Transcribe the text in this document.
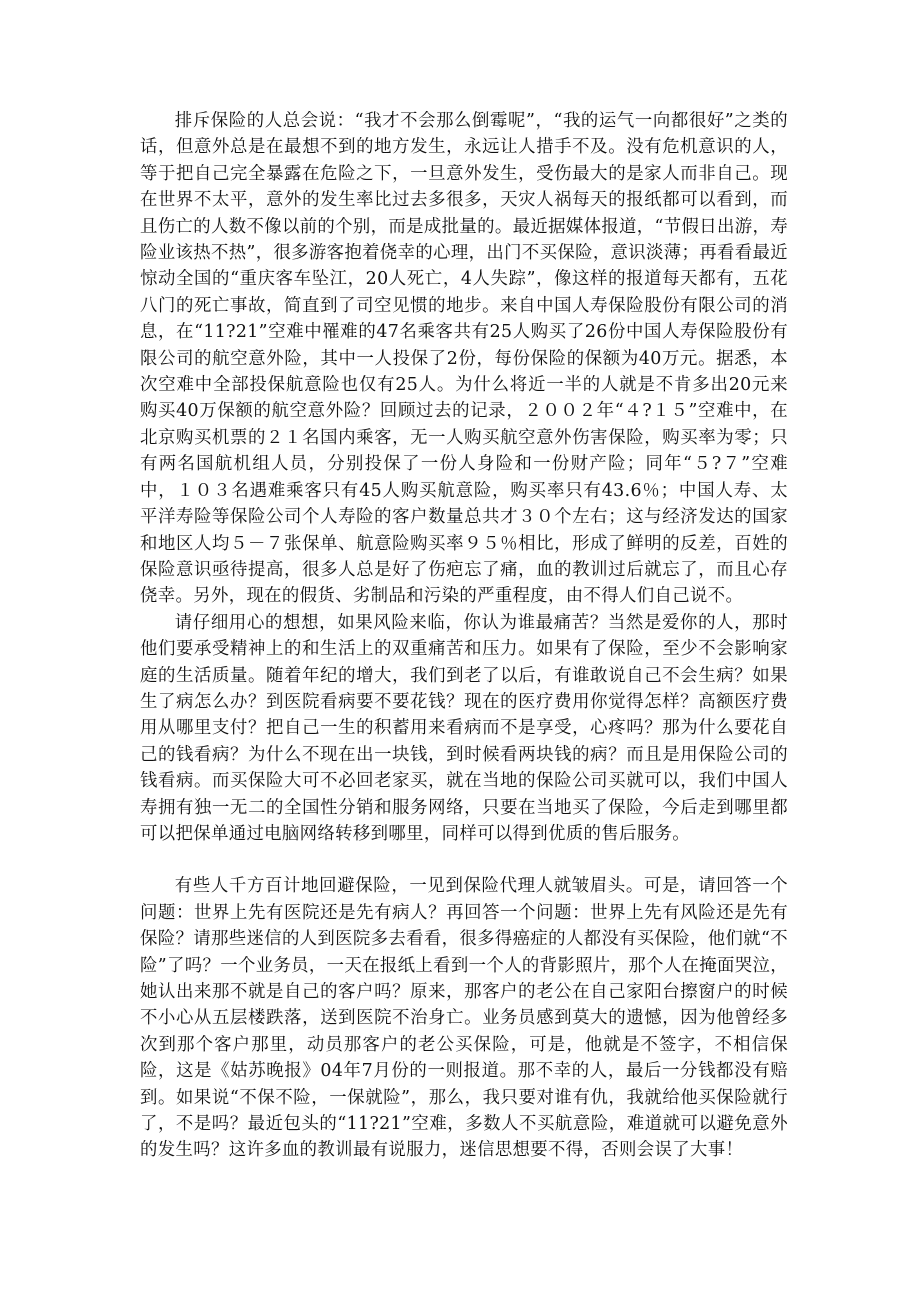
排斥保险的人总会说：“我才不会那么倒霉呢”，“我的运气一向都很好”之类的话，但意外总是在最想不到的地方发生，永远让人措手不及。没有危机意识的人，等于把自己完全暴露在危险之下，一旦意外发生，受伤最大的是家人而非自己。现在世界不太平，意外的发生率比过去多很多，天灾人祸每天的报纸都可以看到，而且伤亡的人数不像以前的个别，而是成批量的。最近据媒体报道，“节假日出游，寿险业该热不热”，很多游客抱着侥幸的心理，出门不买保险，意识淡薄；再看看最近惊动全国的“重庆客车坠江，20人死亡，4人失踪”，像这样的报道每天都有，五花八门的死亡事故，简直到了司空见惯的地步。来自中国人寿保险股份有限公司的消息，在“11?21”空难中罹难的47名乘客共有25人购买了26份中国人寿保险股份有限公司的航空意外险，其中一人投保了2份，每份保险的保额为40万元。据悉，本次空难中全部投保航意险也仅有25人。为什么将近一半的人就是不肯多出20元来购买40万保额的航空意外险？回顾过去的记录，２００２年“４?１５”空难中，在北京购买机票的２１名国内乘客，无一人购买航空意外伤害保险，购买率为零；只有两名国航机组人员，分别投保了一份人身险和一份财产险；同年“５?７”空难中，１０３名遇难乘客只有45人购买航意险，购买率只有43.6％；中国人寿、太平洋寿险等保险公司个人寿险的客户数量总共才３０个左右；这与经济发达的国家和地区人均５－７张保单、航意险购买率９５％相比，形成了鲜明的反差，百姓的保险意识亟待提高，很多人总是好了伤疤忘了痛，血的教训过后就忘了，而且心存侥幸。另外，现在的假货、劣制品和污染的严重程度，由不得人们自己说不。

请仔细用心的想想，如果风险来临，你认为谁最痛苦？当然是爱你的人，那时他们要承受精神上的和生活上的双重痛苦和压力。如果有了保险，至少不会影响家庭的生活质量。随着年纪的增大，我们到老了以后，有谁敢说自己不会生病？如果生了病怎么办？到医院看病要不要花钱？现在的医疗费用你觉得怎样？高额医疗费用从哪里支付？把自己一生的积蓄用来看病而不是享受，心疼吗？那为什么要花自己的钱看病？为什么不现在出一块钱，到时候看两块钱的病？而且是用保险公司的钱看病。而买保险大可不必回老家买，就在当地的保险公司买就可以，我们中国人寿拥有独一无二的全国性分销和服务网络，只要在当地买了保险，今后走到哪里都可以把保单通过电脑网络转移到哪里，同样可以得到优质的售后服务。

有些人千方百计地回避保险，一见到保险代理人就皱眉头。可是，请回答一个问题：世界上先有医院还是先有病人？再回答一个问题：世界上先有风险还是先有保险？请那些迷信的人到医院多去看看，很多得癌症的人都没有买保险，他们就“不险”了吗？一个业务员，一天在报纸上看到一个人的背影照片，那个人在掩面哭泣，她认出来那不就是自己的客户吗？原来，那客户的老公在自己家阳台擦窗户的时候不小心从五层楼跌落，送到医院不治身亡。业务员感到莫大的遗憾，因为他曾经多次到那个客户那里，动员那客户的老公买保险，可是，他就是不签字，不相信保险，这是《姑苏晚报》04年7月份的一则报道。那不幸的人，最后一分钱都没有赔到。如果说“不保不险，一保就险”，那么，我只要对谁有仇，我就给他买保险就行了，不是吗？最近包头的“11?21”空难，多数人不买航意险，难道就可以避免意外的发生吗？这许多血的教训最有说服力，迷信思想要不得，否则会误了大事！
